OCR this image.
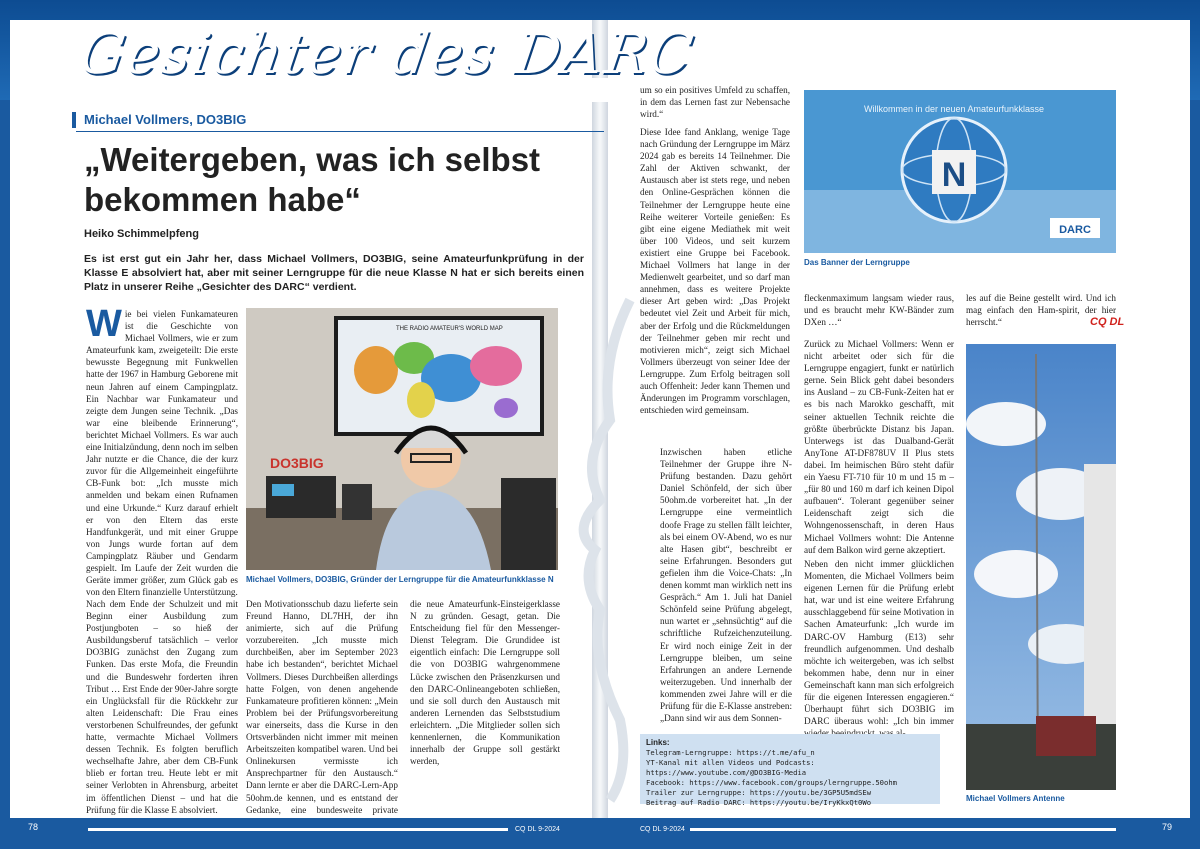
Gesichter des DARC
Michael Vollmers, DO3BIG
„Weitergeben, was ich selbst bekommen habe“
Heiko Schimmelpfeng
Es ist erst gut ein Jahr her, dass Michael Vollmers, DO3BIG, seine Amateurfunkprüfung in der Klasse E absolviert hat, aber mit seiner Lerngruppe für die neue Klasse N hat er sich bereits einen Platz in unserer Reihe „Gesichter des DARC“ verdient.
Wie bei vielen Funkamateuren ist die Geschichte von Michael Vollmers, wie er zum Amateurfunk kam, zweigeteilt: Die erste bewusste Begegnung mit Funkwellen hatte der 1967 in Hamburg Geborene mit neun Jahren auf einem Campingplatz. Ein Nachbar war Funkamateur und zeigte dem Jungen seine Technik. „Das war eine bleibende Erinnerung“, berichtet Michael Vollmers. Es war auch eine Initialzündung, denn noch im selben Jahr nutzte er die Chance, die der kurz zuvor für die Allgemeinheit eingeführte CB-Funk bot: „Ich musste mich anmelden und bekam einen Rufnamen und eine Urkunde.“ Kurz darauf erhielt er von den Eltern das erste Handfunkgerät, und mit einer Gruppe von Jungs wurde fortan auf dem Campingplatz Räuber und Gendarm gespielt. Im Laufe der Zeit wurden die Geräte immer größer, zum Glück gab es von den Eltern finanzielle Unterstützung.
THE RADIO AMATEUR'S WORLD MAP
DO3BIG
Michael Vollmers, DO3BIG, Gründer der Lerngruppe für die Amateurfunkklasse N
Nach dem Ende der Schulzeit und mit Beginn einer Ausbildung zum Postjungboten – so hieß der Ausbildungsberuf tatsächlich – verlor DO3BIG zunächst den Zugang zum Funken. Das erste Mofa, die Freundin und die Bundeswehr forderten ihren Tribut … Erst Ende der 90er-Jahre sorgte ein Unglücksfall für die Rückkehr zur alten Leidenschaft: Die Frau eines verstorbenen Schulfreundes, der gefunkt hatte, vermachte Michael Vollmers dessen Technik. Es folgten beruflich wechselhafte Jahre, aber dem CB-Funk blieb er fortan treu. Heute lebt er mit seiner Verlobten in Ahrensburg, arbeitet im öffentlichen Dienst – und hat die Prüfung für die Klasse E absolviert.
Den Motivationsschub dazu lieferte sein Freund Hanno, DL7HH, der ihn animierte, sich auf die Prüfung vorzubereiten. „Ich musste mich durchbeißen, aber im September 2023 habe ich bestanden“, berichtet Michael Vollmers. Dieses Durchbeißen allerdings hatte Folgen, von denen angehende Funkamateure profitieren können: „Mein Problem bei der Prüfungsvorbereitung war einerseits, dass die Kurse in den Ortsverbänden nicht immer mit meinen Arbeitszeiten kompatibel waren. Und bei Onlinekursen vermisste ich Ansprechpartner für den Austausch.“ Dann lernte er aber die DARC-Lern-App 50ohm.de kennen, und es entstand der Gedanke, eine bundesweite private
die neue Amateurfunk-Einsteigerklasse N zu gründen. Gesagt, getan. Die Entscheidung fiel für den Messenger-Dienst Telegram. Die Grundidee ist eigentlich einfach: Die Lerngruppe soll die von DO3BIG wahrgenommene Lücke zwischen den Präsenzkursen und den DARC-Onlineangeboten schließen, und sie soll durch den Austausch mit anderen Lernenden das Selbststudium erleichtern. „Die Mitglieder sollen sich kennenlernen, die Kommunikation innerhalb der Gruppe soll gestärkt werden,
um so ein positives Umfeld zu schaffen, in dem das Lernen fast zur Nebensache wird.“
Diese Idee fand Anklang, wenige Tage nach Gründung der Lerngruppe im März 2024 gab es bereits 14 Teilnehmer. Die Zahl der Aktiven schwankt, der Austausch aber ist stets rege, und neben den Online-Gesprächen können die Teilnehmer der Lerngruppe heute eine Reihe weiterer Vorteile genießen: Es gibt eine eigene Mediathek mit weit über 100 Videos, und seit kurzem existiert eine Gruppe bei Facebook. Michael Vollmers hat lange in der Medienwelt gearbeitet, und so darf man annehmen, dass es weitere Projekte dieser Art geben wird: „Das Projekt bedeutet viel Zeit und Arbeit für mich, aber der Erfolg und die Rückmeldungen der Teilnehmer geben mir recht und motivieren mich“, zeigt sich Michael Vollmers überzeugt von seiner Idee der Lerngruppe. Zum Erfolg beitragen soll auch Offenheit: Jeder kann Themen und Änderungen im Programm vorschlagen, entschieden wird gemeinsam.
Inzwischen haben etliche Teilnehmer der Gruppe ihre N-Prüfung bestanden. Dazu gehört Daniel Schönfeld, der sich über 50ohm.de vorbereitet hat. „In der Lerngruppe eine vermeintlich doofe Frage zu stellen fällt leichter, als bei einem OV-Abend, wo es nur alte Hasen gibt“, beschreibt er seine Erfahrungen. Besonders gut gefielen ihm die Voice-Chats: „In denen kommt man wirklich nett ins Gespräch.“ Am 1. Juli hat Daniel Schönfeld seine Prüfung abgelegt, nun wartet er „sehnsüchtig“ auf die schriftliche Rufzeichenzuteilung. Er wird noch einige Zeit in der Lerngruppe bleiben, um seine Erfahrungen an andere Lernende weiterzugeben. Und innerhalb der kommenden zwei Jahre will er die Prüfung für die E-Klasse anstreben: „Dann sind wir aus dem Sonnen-
N
Willkommen in der neuen Amateurfunkklasse
DARC
Das Banner der Lerngruppe
fleckenmaximum langsam wieder raus, und es braucht mehr KW-Bänder zum DXen …“
Zurück zu Michael Vollmers: Wenn er nicht arbeitet oder sich für die Lerngruppe engagiert, funkt er natürlich gerne. Sein Blick geht dabei besonders ins Ausland – zu CB-Funk-Zeiten hat er es bis nach Marokko geschafft, mit seiner aktuellen Technik reichte die größte überbrückte Distanz bis Japan. Unterwegs ist das Dualband-Gerät AnyTone AT-DF878UV II Plus stets dabei. Im heimischen Büro steht dafür ein Yaesu FT-710 für 10 m und 15 m – „für 80 und 160 m darf ich keinen Dipol aufbauen“. Tolerant gegenüber seiner Leidenschaft zeigt sich die Wohngenossenschaft, in deren Haus Michael Vollmers wohnt: Die Antenne auf dem Balkon wird gerne akzeptiert.
Neben den nicht immer glücklichen Momenten, die Michael Vollmers beim eigenen Lernen für die Prüfung erlebt hat, war und ist eine weitere Erfahrung ausschlaggebend für seine Motivation in Sachen Amateurfunk: „Ich wurde im DARC-OV Hamburg (E13) sehr freundlich aufgenommen. Und deshalb möchte ich weitergeben, was ich selbst bekommen habe, denn nur in einer Gemeinschaft kann man sich erfolgreich für die eigenen Interessen engagieren.“ Überhaupt führt sich DO3BIG im DARC überaus wohl: „Ich bin immer
les auf die Beine gestellt wird. Und ich mag einfach den Ham-spirit, der hier herrscht.“	CQ DL
Michael Vollmers Antenne
Links:
Telegram-Lerngruppe: https://t.me/afu_n
YT-Kanal mit allen Videos und Podcasts: https://www.youtube.com/@DO3BIG-Media
Facebook: https://www.facebook.com/groups/lerngruppe.50ohm
Trailer zur Lerngruppe: https://youtu.be/3GP5U5mdSEw
Beitrag auf Radio DARC: https://youtu.be/IryKkxQt0Wo
78	CQ DL 9-2024	CQ DL 9-2024	79
